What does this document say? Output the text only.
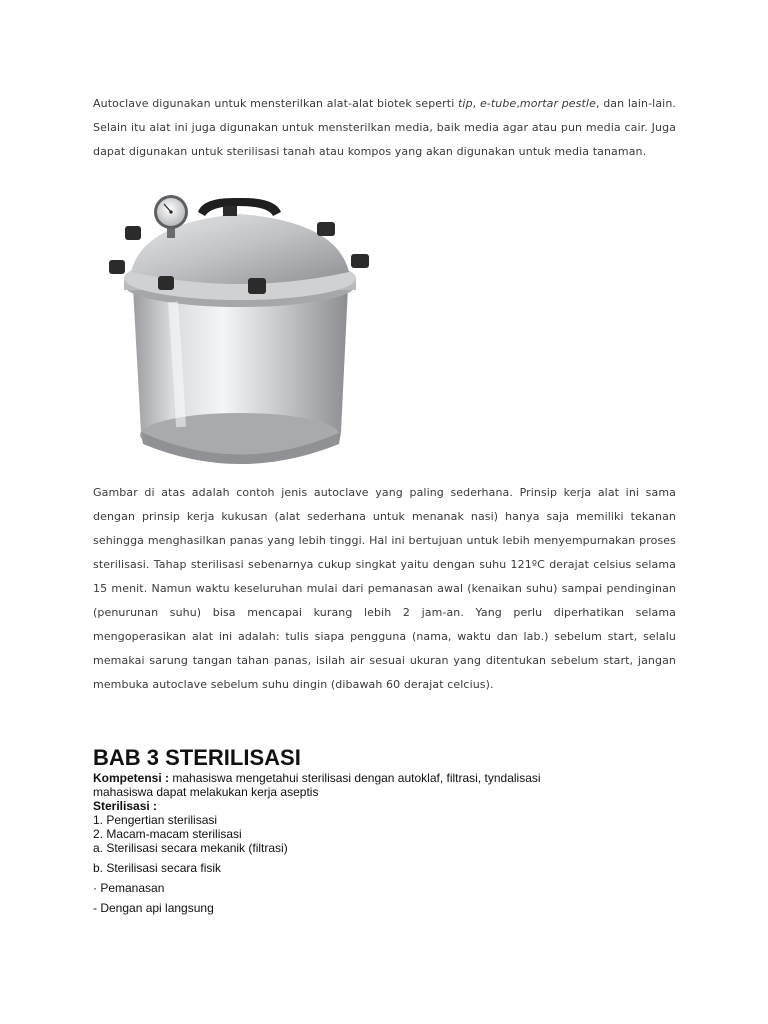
Autoclave digunakan untuk mensterilkan alat-alat biotek seperti tip, e-tube,mortar pestle, dan lain-lain. Selain itu alat ini juga digunakan untuk mensterilkan media, baik media agar atau pun media cair. Juga dapat digunakan untuk sterilisasi tanah atau kompos yang akan digunakan untuk media tanaman.
Gambar di atas adalah contoh jenis autoclave yang paling sederhana. Prinsip kerja alat ini sama dengan prinsip kerja kukusan (alat sederhana untuk menanak nasi) hanya saja memiliki tekanan sehingga menghasilkan panas yang lebih tinggi. Hal ini bertujuan untuk lebih menyempurnakan proses sterilisasi. Tahap sterilisasi sebenarnya cukup singkat yaitu dengan suhu 121ºC derajat celsius selama 15 menit. Namun waktu keseluruhan mulai dari pemanasan awal (kenaikan suhu) sampai pendinginan (penurunan suhu) bisa mencapai kurang lebih 2 jam-an. Yang perlu diperhatikan selama mengoperasikan alat ini adalah: tulis siapa pengguna (nama, waktu dan lab.) sebelum start, selalu memakai sarung tangan tahan panas, isilah air sesuai ukuran yang ditentukan sebelum start, jangan membuka autoclave sebelum suhu dingin (dibawah 60 derajat celcius).
BAB 3 STERILISASI
Kompetensi : mahasiswa mengetahui sterilisasi dengan autoklaf, filtrasi, tyndalisasi
mahasiswa dapat melakukan kerja aseptis
Sterilisasi :
1. Pengertian sterilisasi
2. Macam-macam sterilisasi
a. Sterilisasi secara mekanik (filtrasi)
b. Sterilisasi secara fisik
· Pemanasan
- Dengan api langsung
